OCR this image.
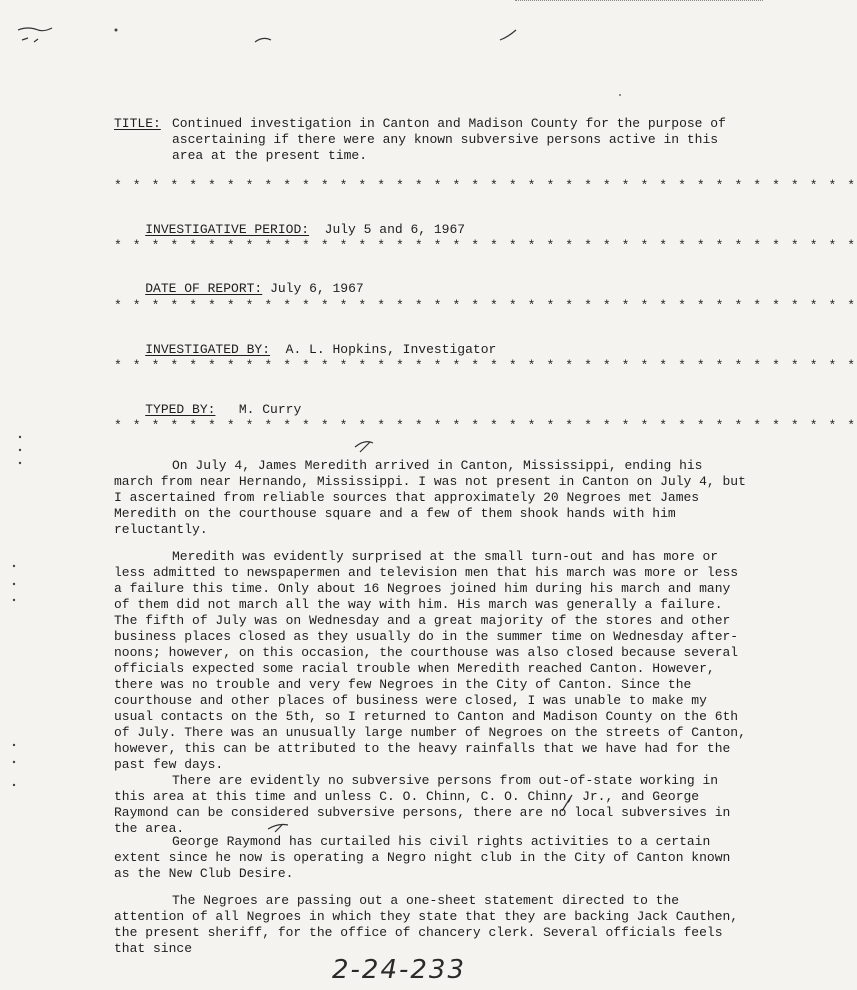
TITLE: Continued investigation in Canton and Madison County for the purpose of ascertaining if there were any known subversive persons active in this area at the present time.
* * * * * * * * * * * * * * * * * * * * * * * * * * * * * * * * * * * * * * * *

INVESTIGATIVE PERIOD: July 5 and 6, 1967

* * * * * * * * * * * * * * * * * * * * * * * * * * * * * * * * * * * * * * * *

DATE OF REPORT: July 6, 1967

* * * * * * * * * * * * * * * * * * * * * * * * * * * * * * * * * * * * * * * *

INVESTIGATED BY: A. L. Hopkins, Investigator

* * * * * * * * * * * * * * * * * * * * * * * * * * * * * * * * * * * * * * * *

TYPED BY: M. Curry

* * * * * * * * * * * * * * * * * * * * * * * * * * * * * * * * * * * * * * * *

On July 4, James Meredith arrived in Canton, Mississippi, ending his march from near Hernando, Mississippi. I was not present in Canton on July 4, but I ascertained from reliable sources that approximately 20 Negroes met James Meredith on the courthouse square and a few of them shook hands with him reluctantly.

Meredith was evidently surprised at the small turn-out and has more or less admitted to newspapermen and television men that his march was more or less a failure this time. Only about 16 Negroes joined him during his march and many of them did not march all the way with him. His march was generally a failure. The fifth of July was on Wednesday and a great majority of the stores and other business places closed as they usually do in the summer time on Wednesday after-noons; however, on this occasion, the courthouse was also closed because several officials expected some racial trouble when Meredith reached Canton. However, there was no trouble and very few Negroes in the City of Canton. Since the courthouse and other places of business were closed, I was unable to make my usual contacts on the 5th, so I returned to Canton and Madison County on the 6th of July. There was an unusually large number of Negroes on the streets of Canton, however, this can be attributed to the heavy rainfalls that we have had for the past few days.

There are evidently no subversive persons from out-of-state working in this area at this time and unless C. O. Chinn, C. O. Chinn, Jr., and George Raymond can be considered subversive persons, there are no local subversives in the area.

George Raymond has curtailed his civil rights activities to a certain extent since he now is operating a Negro night club in the City of Canton known as the New Club Desire.

The Negroes are passing out a one-sheet statement directed to the attention of all Negroes in which they state that they are backing Jack Cauthen, the present sheriff, for the office of chancery clerk. Several officials feels that since

2-24-233
